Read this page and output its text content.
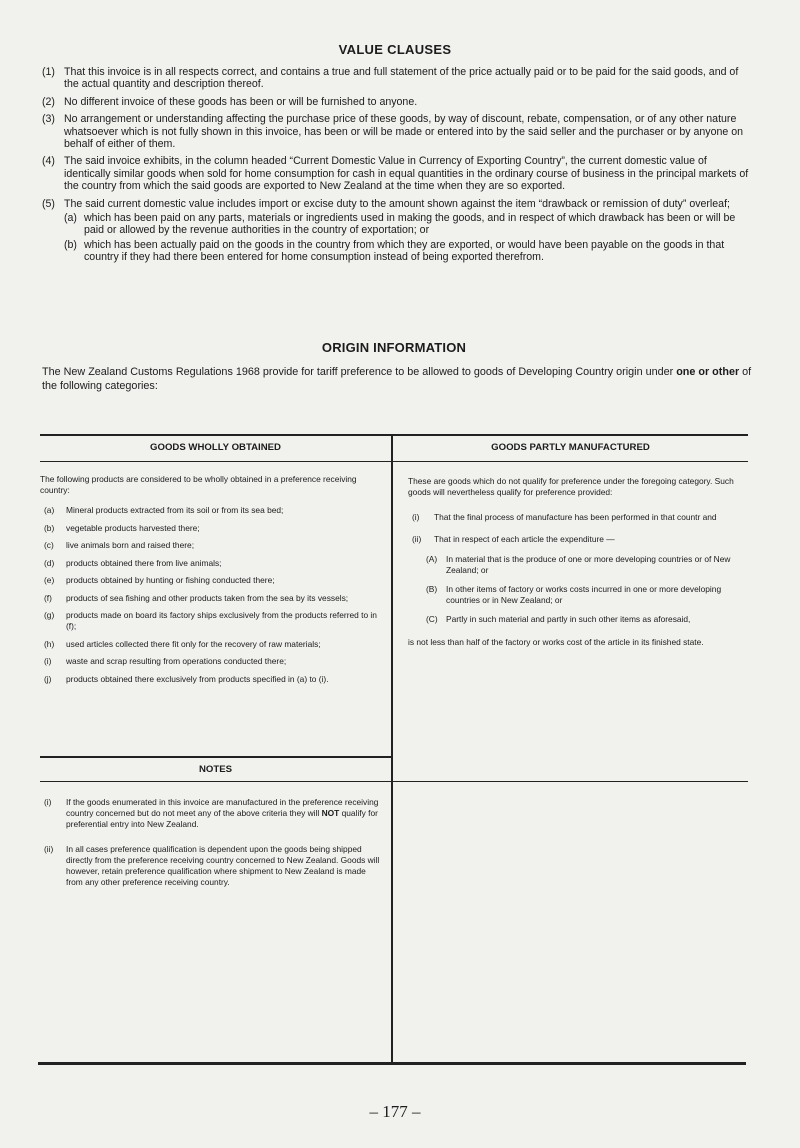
VALUE CLAUSES
(1) That this invoice is in all respects correct, and contains a true and full statement of the price actually paid or to be paid for the said goods, and of the actual quantity and description thereof.
(2) No different invoice of these goods has been or will be furnished to anyone.
(3) No arrangement or understanding affecting the purchase price of these goods, by way of discount, rebate, compensation, or of any other nature whatsoever which is not fully shown in this invoice, has been or will be made or entered into by the said seller and the purchaser or by anyone on behalf of either of them.
(4) The said invoice exhibits, in the column headed “Current Domestic Value in Currency of Exporting Country”, the current domestic value of identically similar goods when sold for home consumption for cash in equal quantities in the ordinary course of business in the principal markets of the country from which the said goods are exported to New Zealand at the time when they are so exported.
(5) The said current domestic value includes import or excise duty to the amount shown against the item “drawback or remission of duty” overleaf;
(a) which has been paid on any parts, materials or ingredients used in making the goods, and in respect of which drawback has been or will be paid or allowed by the revenue authorities in the country of exportation; or
(b) which has been actually paid on the goods in the country from which they are exported, or would have been payable on the goods in that country if they had there been entered for home consumption instead of being exported therefrom.
ORIGIN INFORMATION
The New Zealand Customs Regulations 1968 provide for tariff preference to be allowed to goods of Developing Country origin under one or other of the following categories:
GOODS WHOLLY OBTAINED
The following products are considered to be wholly obtained in a preference receiving country:
(a)	Mineral products extracted from its soil or from its sea bed;
(b)	vegetable products harvested there;
(c)	live animals born and raised there;
(d)	products obtained there from live animals;
(e)	products obtained by hunting or fishing conducted there;
(f)	products of sea fishing and other products taken from the sea by its vessels;
(g)	products made on board its factory ships exclusively from the products referred to in (f);
(h)	used articles collected there fit only for the recovery of raw materials;
(i)	waste and scrap resulting from operations conducted there;
(j)	products obtained there exclusively from products specified in (a) to (i).
GOODS PARTLY MANUFACTURED
These are goods which do not qualify for preference under the foregoing category. Such goods will nevertheless qualify for preference provided:
(i)	That the final process of manufacture has been performed in that countr and
(ii)	That in respect of each article the expenditure —
(A)	In material that is the produce of one or more developing countries or of New Zealand; or
(B)	In other items of factory or works costs incurred in one or more developing countries or in New Zealand; or
(C) Partly in such material and partly in such other items as aforesaid,
is not less than half of the factory or works cost of the article in its finished state.
NOTES
(i)	If the goods enumerated in this invoice are manufactured in the preference receiving country concerned but do not meet any of the above criteria they will NOT qualify for preferential entry into New Zealand.
(ii)	In all cases preference qualification is dependent upon the goods being shipped directly from the preference receiving country concerned to New Zealand. Goods will however, retain preference qualification where shipment to New Zealand is made from any other preference receiving country.
– 177 –
